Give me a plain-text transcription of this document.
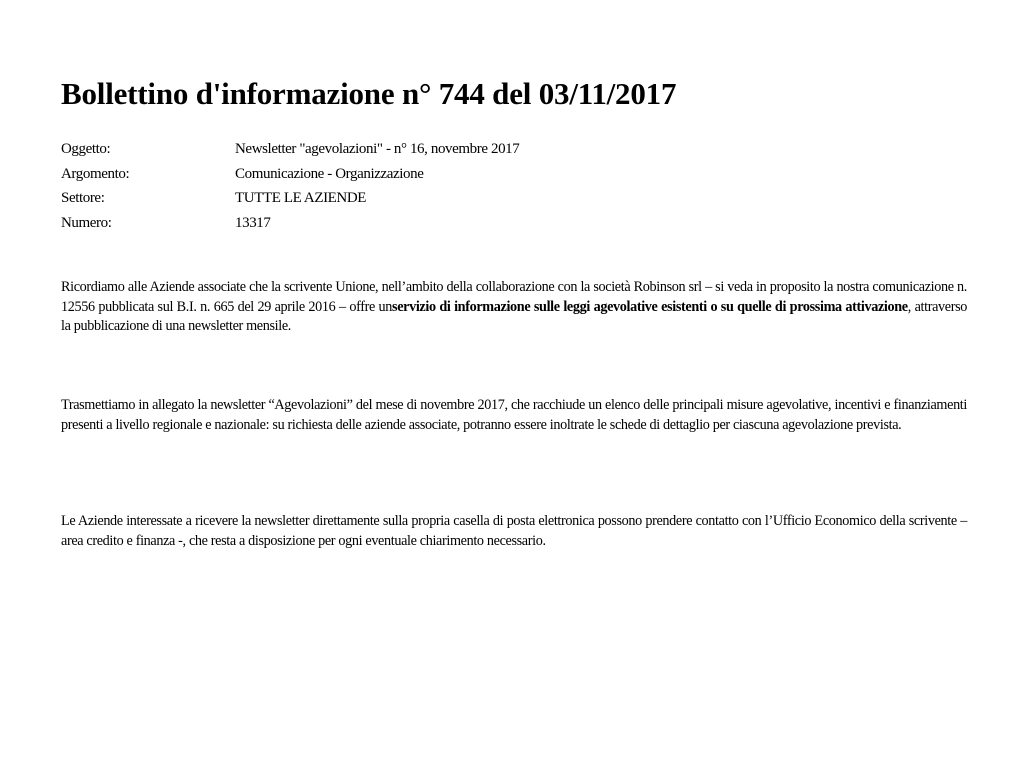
Bollettino d'informazione n° 744 del 03/11/2017
Oggetto:	Newsletter "agevolazioni" - n° 16, novembre 2017
Argomento:	Comunicazione - Organizzazione
Settore:	TUTTE LE AZIENDE
Numero:	13317

Ricordiamo alle Aziende associate che la scrivente Unione, nell’ambito della collaborazione con la società Robinson srl – si veda in proposito la nostra comunicazione n. 12556 pubblicata sul B.I. n. 665 del 29 aprile 2016 – offre unservizio di informazione sulle leggi agevolative esistenti o su quelle di prossima attivazione, attraverso la pubblicazione di una newsletter mensile.

Trasmettiamo in allegato la newsletter “Agevolazioni” del mese di novembre 2017, che racchiude un elenco delle principali misure agevolative, incentivi e finanziamenti presenti a livello regionale e nazionale: su richiesta delle aziende associate, potranno essere inoltrate le schede di dettaglio per ciascuna agevolazione prevista.

Le Aziende interessate a ricevere la newsletter direttamente sulla propria casella di posta elettronica possono prendere contatto con l’Ufficio Economico della scrivente – area credito e finanza -, che resta a disposizione per ogni eventuale chiarimento necessario.
